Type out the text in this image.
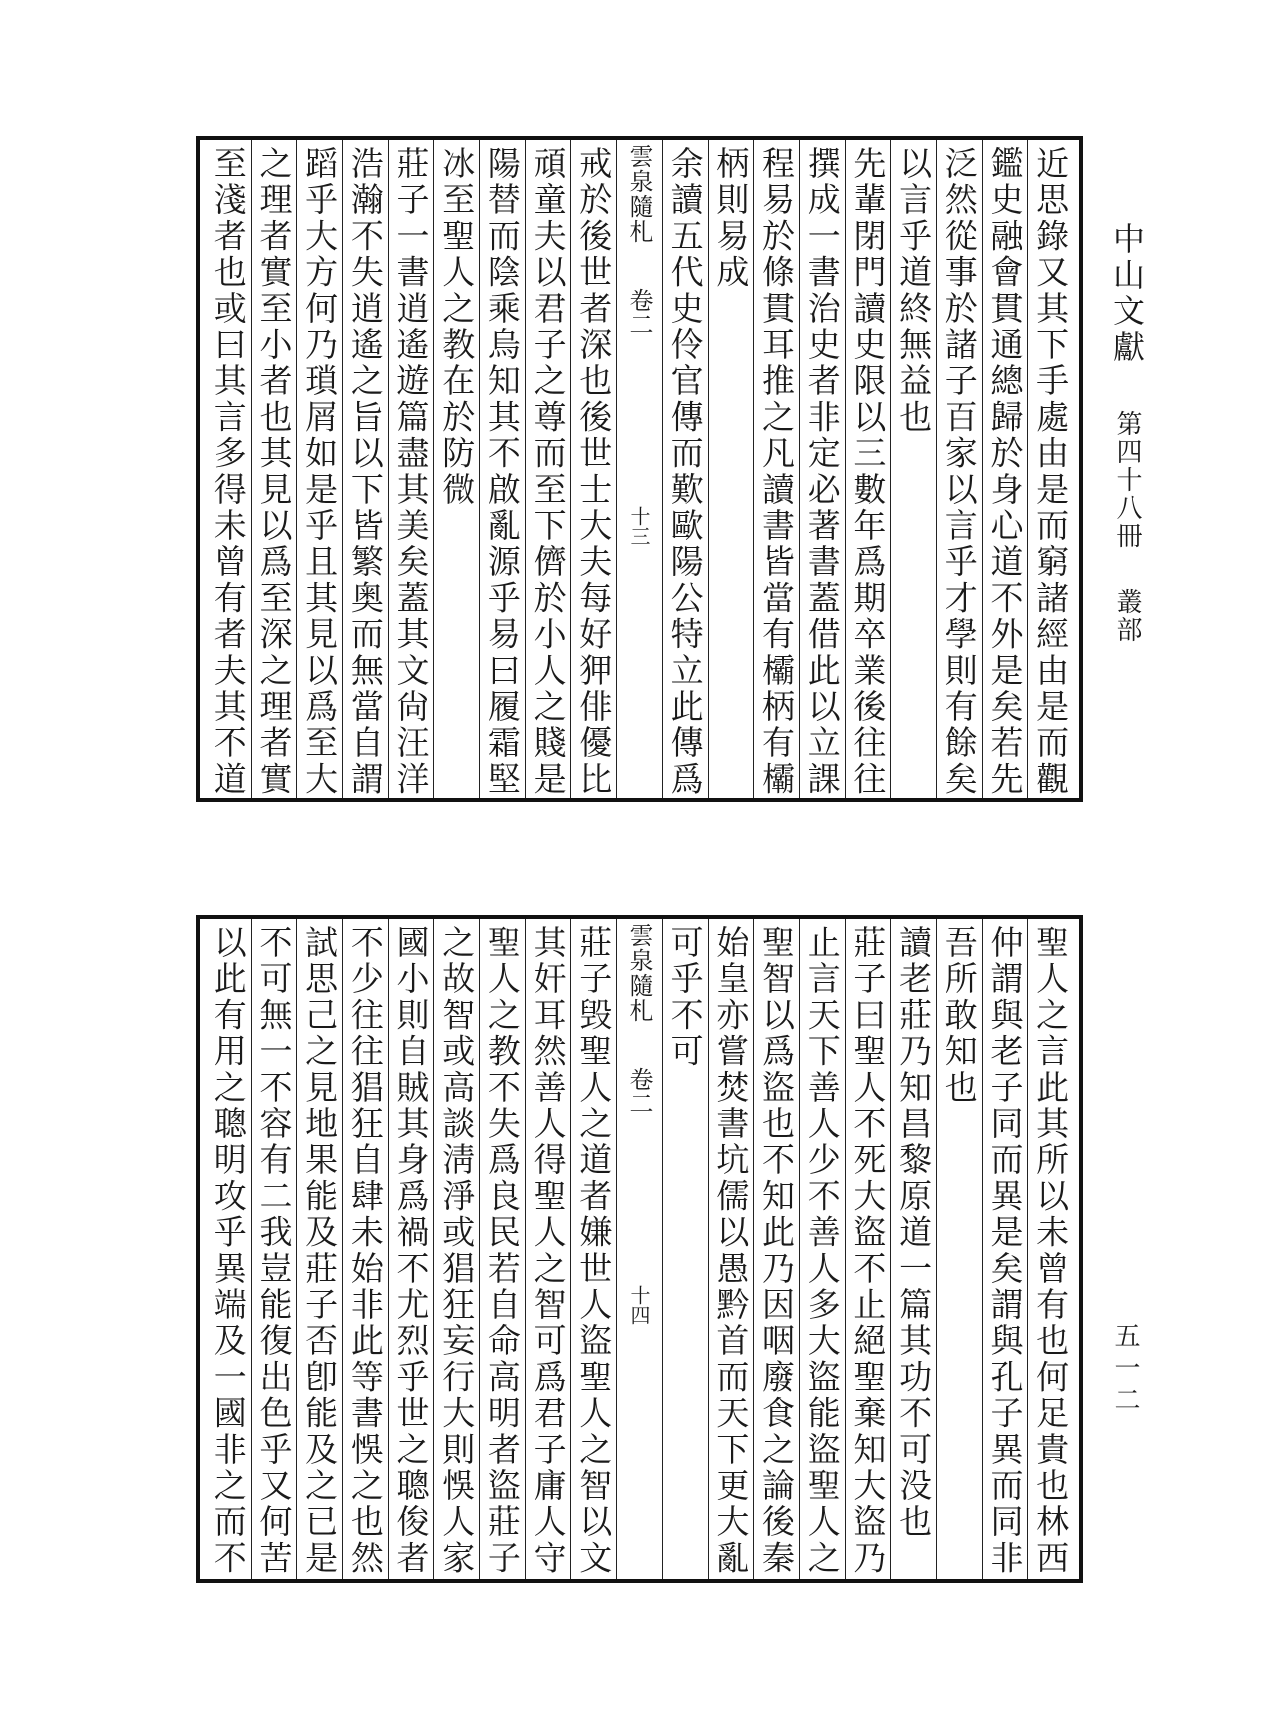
中山文獻 第四十八冊 叢部
五一二
近思錄又其下手處由是而窮諸經由是而觀
鑑史融會貫通總歸於身心道不外是矣若先
泛然從事於諸子百家以言乎才學則有餘矣
以言乎道終無益也
先輩閉門讀史限以三數年爲期卒業後往往
撰成一書治史者非定必著書蓋借此以立課
程易於條貫耳推之凡讀書皆當有欛柄有欛
柄則易成
余讀五代史伶官傳而歎歐陽公特立此傳爲
雲泉隨札
卷二
十三
戒於後世者深也後世士大夫每好狎俳優比
頑童夫以君子之尊而至下儕於小人之賤是
陽替而陰乘烏知其不啟亂源乎易曰履霜堅
冰至聖人之教在於防微
莊子一書逍遙遊篇盡其美矣蓋其文尙汪洋
浩瀚不失逍遙之旨以下皆繁奥而無當自謂
蹈乎大方何乃瑣屑如是乎且其見以爲至大
之理者實至小者也其見以爲至深之理者實
至淺者也或曰其言多得未曾有者夫其不道
聖人之言此其所以未曾有也何足貴也林西
仲謂與老子同而異是矣謂與孔子異而同非
吾所敢知也
讀老莊乃知昌黎原道一篇其功不可没也
莊子曰聖人不死大盜不止絕聖棄知大盜乃
止言天下善人少不善人多大盜能盜聖人之
聖智以爲盜也不知此乃因咽廢食之論後秦
始皇亦嘗焚書坑儒以愚黔首而天下更大亂
可乎不可
雲泉隨札
卷二
十四
莊子毁聖人之道者嫌世人盜聖人之智以文
其奸耳然善人得聖人之智可爲君子庸人守
聖人之教不失爲良民若自命高明者盜莊子
之故智或高談淸淨或猖狂妄行大則悞人家
國小則自賊其身爲禍不尤烈乎世之聰俊者
不少往往猖狂自肆未始非此等書悞之也然
試思己之見地果能及莊子否卽能及之已是
不可無一不容有二我豈能復出色乎又何苦
以此有用之聰明攻乎異端及一國非之而不
